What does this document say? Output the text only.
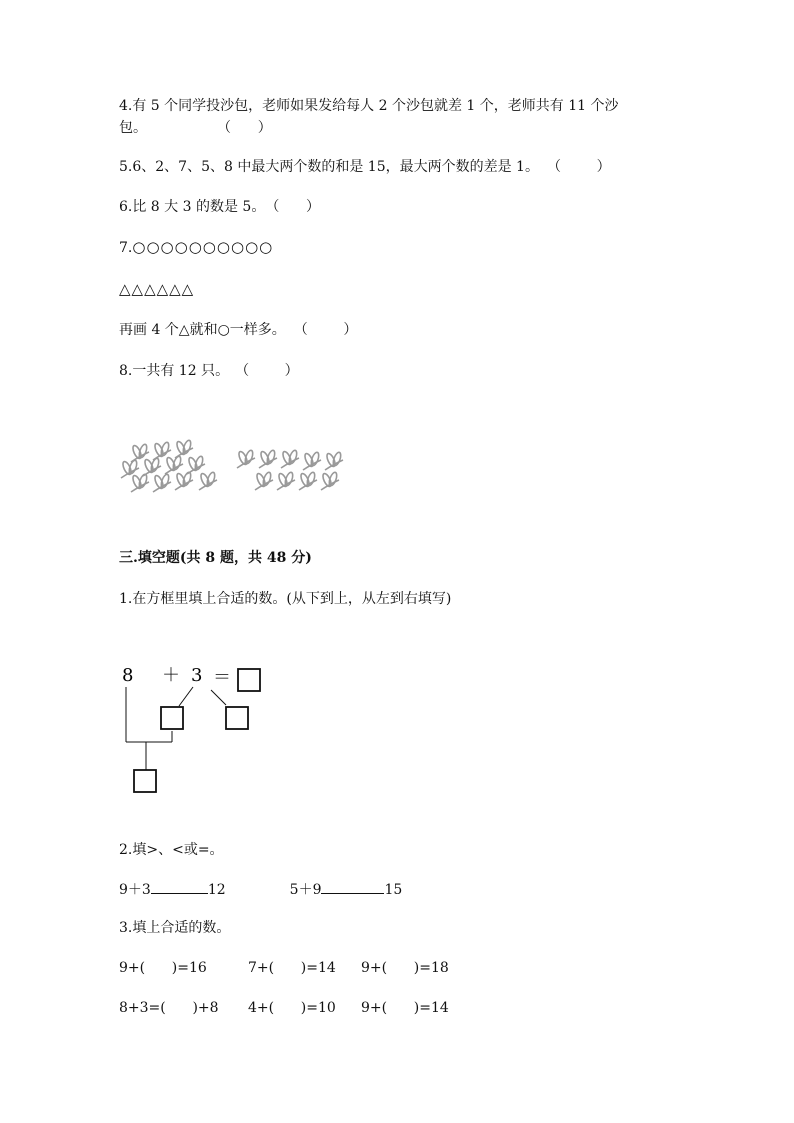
4.有 5 个同学投沙包，老师如果发给每人 2 个沙包就差 1 个，老师共有 11 个沙
包。	（      ）
5.6、2、7、5、8 中最大两个数的和是 15，最大两个数的差是 1。 （        ）
6.比 8 大 3 的数是 5。（      ）
7.○○○○○○○○○○
△△△△△△
再画 4 个△就和○一样多。 （        ）
8.一共有 12 只。 （        ）
三.填空题(共 8 题，共 48 分)
1.在方框里填上合适的数。(从下到上，从左到右填写)
8 ＋ 3 ＝
2.填>、<或=。
9＋3	12	5＋9	15
3.填上合适的数。
9+(      )=16	7+(      )=14 9+(      )=18
8+3=(      )+8 4+(      )=10 9+(      )=14
